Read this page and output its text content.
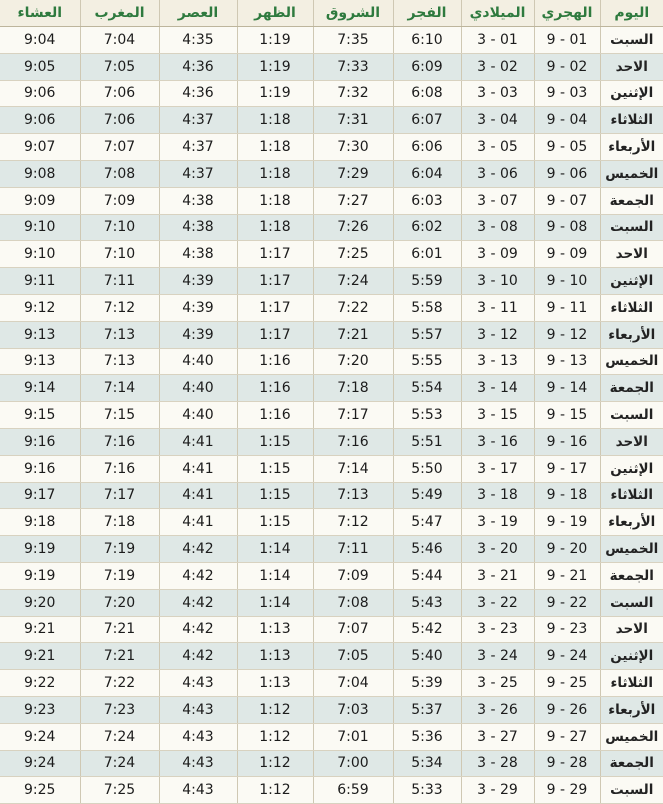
اليوم	الهجري	الميلادي	الفجر	الشروق	الظهر	العصر	المغرب	العشاء
السبت	9 - 01	3 - 01	6:10	7:35	1:19	4:35	7:04	9:04
الاحد	9 - 02	3 - 02	6:09	7:33	1:19	4:36	7:05	9:05
الإثنين	9 - 03	3 - 03	6:08	7:32	1:19	4:36	7:06	9:06
الثلاثاء	9 - 04	3 - 04	6:07	7:31	1:18	4:37	7:06	9:06
الأربعاء	9 - 05	3 - 05	6:06	7:30	1:18	4:37	7:07	9:07
الخميس	9 - 06	3 - 06	6:04	7:29	1:18	4:37	7:08	9:08
الجمعة	9 - 07	3 - 07	6:03	7:27	1:18	4:38	7:09	9:09
السبت	9 - 08	3 - 08	6:02	7:26	1:18	4:38	7:10	9:10
الاحد	9 - 09	3 - 09	6:01	7:25	1:17	4:38	7:10	9:10
الإثنين	9 - 10	3 - 10	5:59	7:24	1:17	4:39	7:11	9:11
الثلاثاء	9 - 11	3 - 11	5:58	7:22	1:17	4:39	7:12	9:12
الأربعاء	9 - 12	3 - 12	5:57	7:21	1:17	4:39	7:13	9:13
الخميس	9 - 13	3 - 13	5:55	7:20	1:16	4:40	7:13	9:13
الجمعة	9 - 14	3 - 14	5:54	7:18	1:16	4:40	7:14	9:14
السبت	9 - 15	3 - 15	5:53	7:17	1:16	4:40	7:15	9:15
الاحد	9 - 16	3 - 16	5:51	7:16	1:15	4:41	7:16	9:16
الإثنين	9 - 17	3 - 17	5:50	7:14	1:15	4:41	7:16	9:16
الثلاثاء	9 - 18	3 - 18	5:49	7:13	1:15	4:41	7:17	9:17
الأربعاء	9 - 19	3 - 19	5:47	7:12	1:15	4:41	7:18	9:18
الخميس	9 - 20	3 - 20	5:46	7:11	1:14	4:42	7:19	9:19
الجمعة	9 - 21	3 - 21	5:44	7:09	1:14	4:42	7:19	9:19
السبت	9 - 22	3 - 22	5:43	7:08	1:14	4:42	7:20	9:20
الاحد	9 - 23	3 - 23	5:42	7:07	1:13	4:42	7:21	9:21
الإثنين	9 - 24	3 - 24	5:40	7:05	1:13	4:42	7:21	9:21
الثلاثاء	9 - 25	3 - 25	5:39	7:04	1:13	4:43	7:22	9:22
الأربعاء	9 - 26	3 - 26	5:37	7:03	1:12	4:43	7:23	9:23
الخميس	9 - 27	3 - 27	5:36	7:01	1:12	4:43	7:24	9:24
الجمعة	9 - 28	3 - 28	5:34	7:00	1:12	4:43	7:24	9:24
السبت	9 - 29	3 - 29	5:33	6:59	1:12	4:43	7:25	9:25
